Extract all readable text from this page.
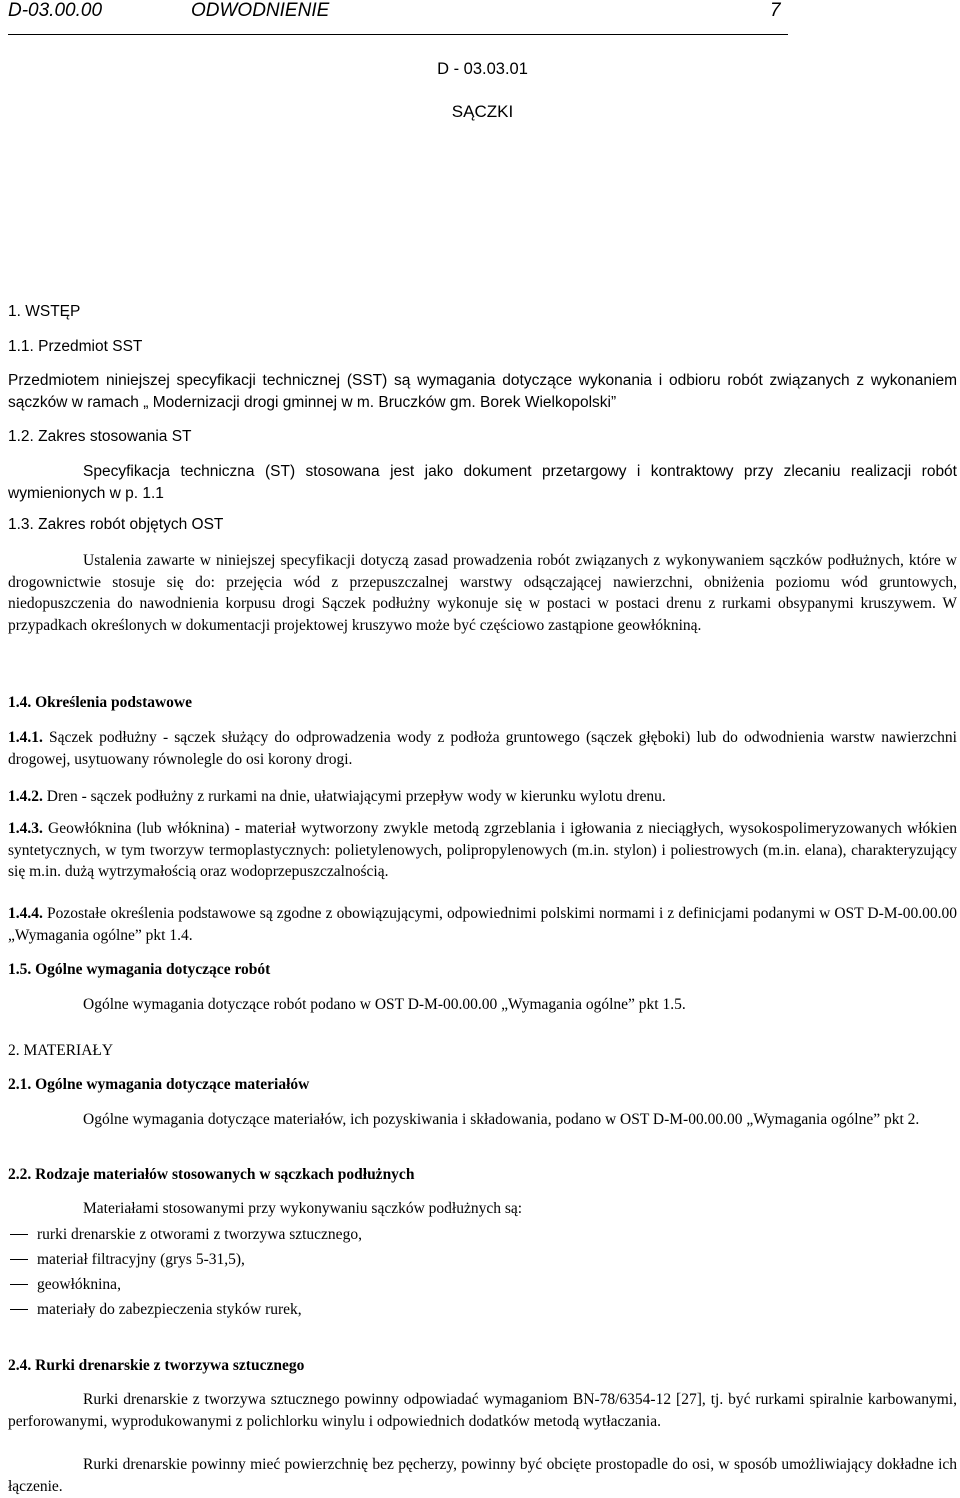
D-03.00.00	ODWODNIENIE	7
D - 03.03.01
SĄCZKI
1. WSTĘP
1.1. Przedmiot SST
Przedmiotem niniejszej specyfikacji technicznej (SST) są wymagania dotyczące wykonania i odbioru robót związanych z wykonaniem sączków w ramach „ Modernizacji drogi gminnej w m. Bruczków gm. Borek Wielkopolski”
1.2. Zakres stosowania ST
Specyfikacja techniczna (ST) stosowana jest jako dokument przetargowy i kontraktowy przy zlecaniu realizacji robót wymienionych w p. 1.1
1.3. Zakres robót objętych OST
Ustalenia zawarte w niniejszej specyfikacji dotyczą zasad prowadzenia robót związanych z wykonywaniem sączków podłużnych, które w drogownictwie stosuje się do: przejęcia wód z przepuszczalnej warstwy odsączającej nawierzchni, obniżenia poziomu wód gruntowych, niedopuszczenia do nawodnienia korpusu drogi Sączek podłużny wykonuje się w postaci w postaci drenu z rurkami obsypanymi kruszywem. W przypadkach określonych w dokumentacji projektowej kruszywo może być częściowo zastąpione geowłókniną.
1.4. Określenia podstawowe
1.4.1. Sączek podłużny - sączek służący do odprowadzenia wody z podłoża gruntowego (sączek głęboki) lub do odwodnienia warstw nawierzchni drogowej, usytuowany równolegle do osi korony drogi.
1.4.2. Dren - sączek podłużny z rurkami na dnie, ułatwiającymi przepływ wody w kierunku wylotu drenu.
1.4.3. Geowłóknina (lub włóknina) - materiał wytworzony zwykle metodą zgrzeblania i igłowania z nieciągłych, wysokospolimeryzowanych włókien syntetycznych, w tym tworzyw termoplastycznych: polietylenowych, polipropylenowych (m.in. stylon) i poliestrowych (m.in. elana), charakteryzujący się m.in. dużą wytrzymałością oraz wodoprzepuszczalnością.
1.4.4. Pozostałe określenia podstawowe są zgodne z obowiązującymi, odpowiednimi polskimi normami i z definicjami podanymi w OST D-M-00.00.00 „Wymagania ogólne” pkt 1.4.
1.5. Ogólne wymagania dotyczące robót
Ogólne wymagania dotyczące robót podano w OST D-M-00.00.00 „Wymagania ogólne” pkt 1.5.
2. MATERIAŁY
2.1. Ogólne wymagania dotyczące materiałów
Ogólne wymagania dotyczące materiałów, ich pozyskiwania i składowania, podano w OST D-M-00.00.00 „Wymagania ogólne” pkt 2.
2.2. Rodzaje materiałów stosowanych w sączkach podłużnych
Materiałami stosowanymi przy wykonywaniu sączków podłużnych są:
rurki drenarskie z otworami z tworzywa sztucznego,
materiał filtracyjny (grys 5-31,5),
geowłóknina,
materiały do zabezpieczenia styków rurek,
2.4. Rurki drenarskie z tworzywa sztucznego
Rurki drenarskie z tworzywa sztucznego powinny odpowiadać wymaganiom BN-78/6354-12 [27], tj. być rurkami spiralnie karbowanymi, perforowanymi, wyprodukowanymi z polichlorku winylu i odpowiednich dodatków metodą wytłaczania.
Rurki drenarskie powinny mieć powierzchnię bez pęcherzy, powinny być obcięte prostopadle do osi, w sposób umożliwiający dokładne ich łączenie.
